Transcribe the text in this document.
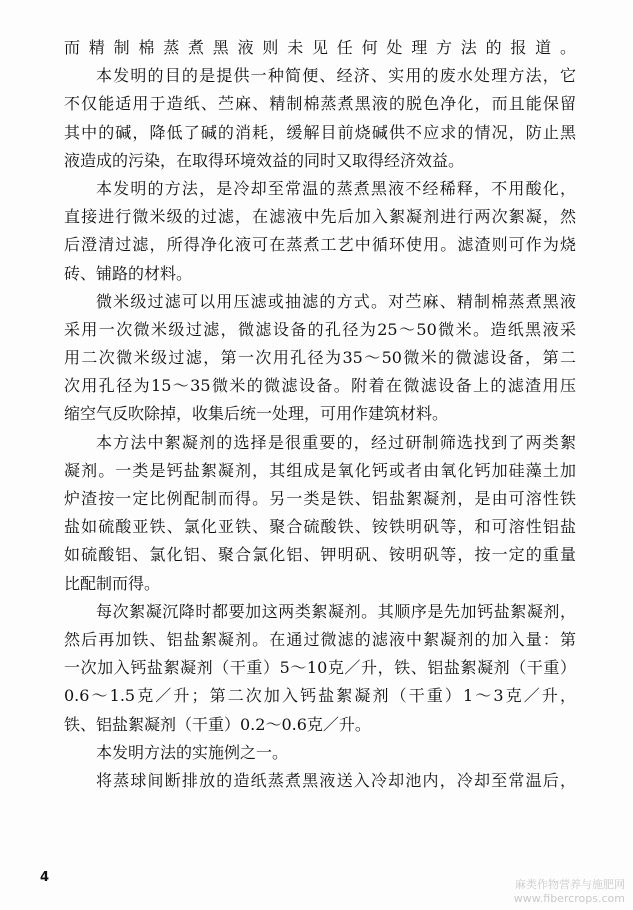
而精制棉蒸煮黑液则未见任何处理方法的报道。
本发明的目的是提供一种简便、经济、实用的废水处理方法，它
不仅能适用于造纸、苎麻、精制棉蒸煮黑液的脱色净化，而且能保留
其中的碱，降低了碱的消耗，缓解目前烧碱供不应求的情况，防止黑
液造成的污染，在取得环境效益的同时又取得经济效益。
本发明的方法，是冷却至常温的蒸煮黑液不经稀释，不用酸化，
直接进行微米级的过滤，在滤液中先后加入絮凝剂进行两次絮凝，然
后澄清过滤，所得净化液可在蒸煮工艺中循环使用。滤渣则可作为烧
砖、铺路的材料。
微米级过滤可以用压滤或抽滤的方式。对苎麻、精制棉蒸煮黑液
采用一次微米级过滤，微滤设备的孔径为25～50微米。造纸黑液采
用二次微米级过滤，第一次用孔径为35～50微米的微滤设备，第二
次用孔径为15～35微米的微滤设备。附着在微滤设备上的滤渣用压
缩空气反吹除掉，收集后统一处理，可用作建筑材料。
本方法中絮凝剂的选择是很重要的，经过研制筛选找到了两类絮
凝剂。一类是钙盐絮凝剂，其组成是氧化钙或者由氧化钙加硅藻土加
炉渣按一定比例配制而得。另一类是铁、铝盐絮凝剂，是由可溶性铁
盐如硫酸亚铁、氯化亚铁、聚合硫酸铁、铵铁明矾等，和可溶性铝盐
如硫酸铝、氯化铝、聚合氯化铝、钾明矾、铵明矾等，按一定的重量
比配制而得。
每次絮凝沉降时都要加这两类絮凝剂。其顺序是先加钙盐絮凝剂，
然后再加铁、铝盐絮凝剂。在通过微滤的滤液中絮凝剂的加入量：第
一次加入钙盐絮凝剂（干重）5～10克／升，铁、铝盐絮凝剂（干重）
0.6～1.5克／升；第二次加入钙盐絮凝剂（干重）1～3克／升，
铁、铝盐絮凝剂（干重）0.2～0.6克／升。
本发明方法的实施例之一。
将蒸球间断排放的造纸蒸煮黑液送入冷却池内，冷却至常温后，
4	麻类作物营养与施肥网
www.fibercrops.com
